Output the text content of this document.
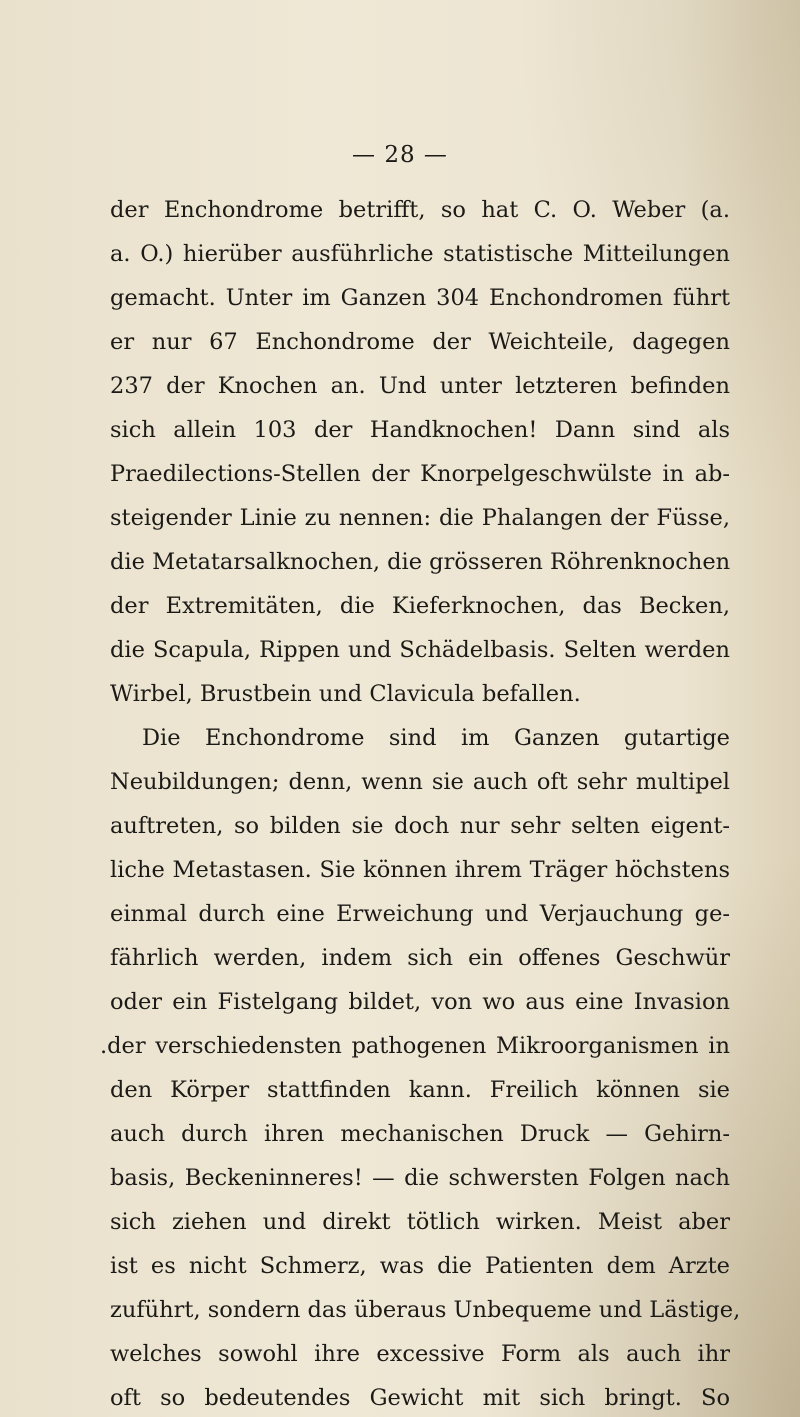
— 28 —

der Enchondrome betrifft, so hat C. O. Weber (a.
a. O.) hierüber ausführliche statistische Mitteilungen
gemacht. Unter im Ganzen 304 Enchondromen führt
er nur 67 Enchondrome der Weichteile, dagegen
237 der Knochen an. Und unter letzteren befinden
sich allein 103 der Handknochen! Dann sind als
Praedilections-Stellen der Knorpelgeschwülste in ab-
steigender Linie zu nennen: die Phalangen der Füsse,
die Metatarsalknochen, die grösseren Röhrenknochen
der Extremitäten, die Kieferknochen, das Becken,
die Scapula, Rippen und Schädelbasis. Selten werden
Wirbel, Brustbein und Clavicula befallen.
Die Enchondrome sind im Ganzen gutartige
Neubildungen; denn, wenn sie auch oft sehr multipel
auftreten, so bilden sie doch nur sehr selten eigent-
liche Metastasen. Sie können ihrem Träger höchstens
einmal durch eine Erweichung und Verjauchung ge-
fährlich werden, indem sich ein offenes Geschwür
oder ein Fistelgang bildet, von wo aus eine Invasion
.der verschiedensten pathogenen Mikroorganismen in
den Körper stattfinden kann. Freilich können sie
auch durch ihren mechanischen Druck — Gehirn-
basis, Beckeninneres! — die schwersten Folgen nach
sich ziehen und direkt tötlich wirken. Meist aber
ist es nicht Schmerz, was die Patienten dem Arzte
zuführt, sondern das überaus Unbequeme und Lästige,
welches sowohl ihre excessive Form als auch ihr
oft so bedeutendes Gewicht mit sich bringt. So
